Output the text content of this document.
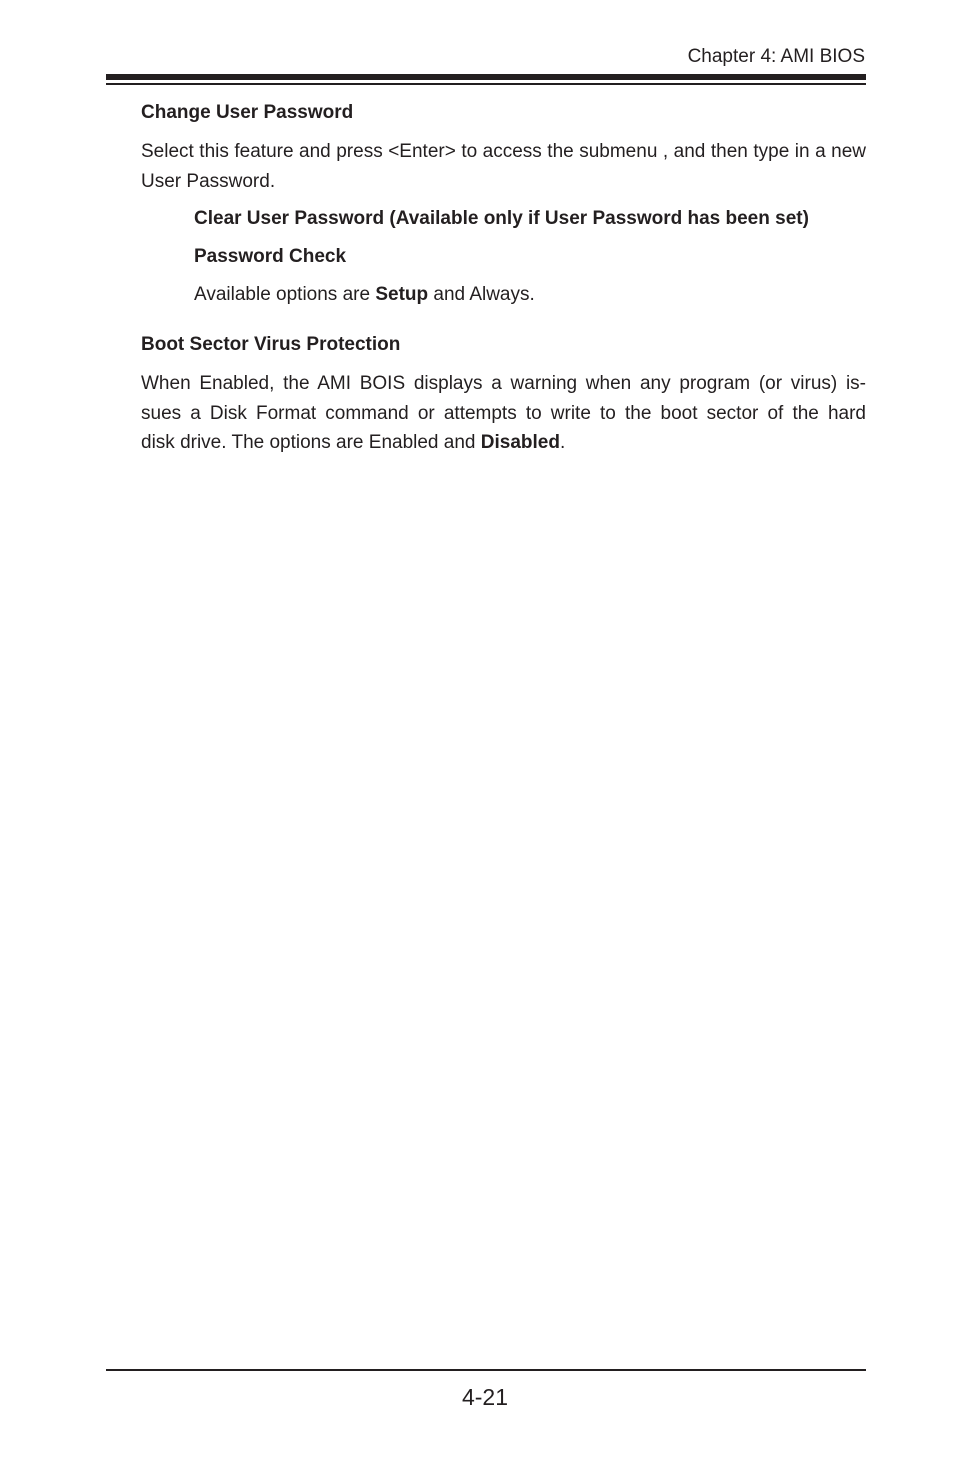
Chapter 4: AMI BIOS
Change User Password
Select this feature and press <Enter> to access the submenu , and then type in a new User Password.
Clear User Password (Available only if User Password has been set)
Password Check
Available options are Setup and Always.
Boot Sector Virus Protection
When Enabled, the AMI BOIS displays a warning when any program (or virus) is-
sues a Disk Format command or attempts to write to the boot sector of the hard
disk drive. The options are Enabled and Disabled.
4-21
